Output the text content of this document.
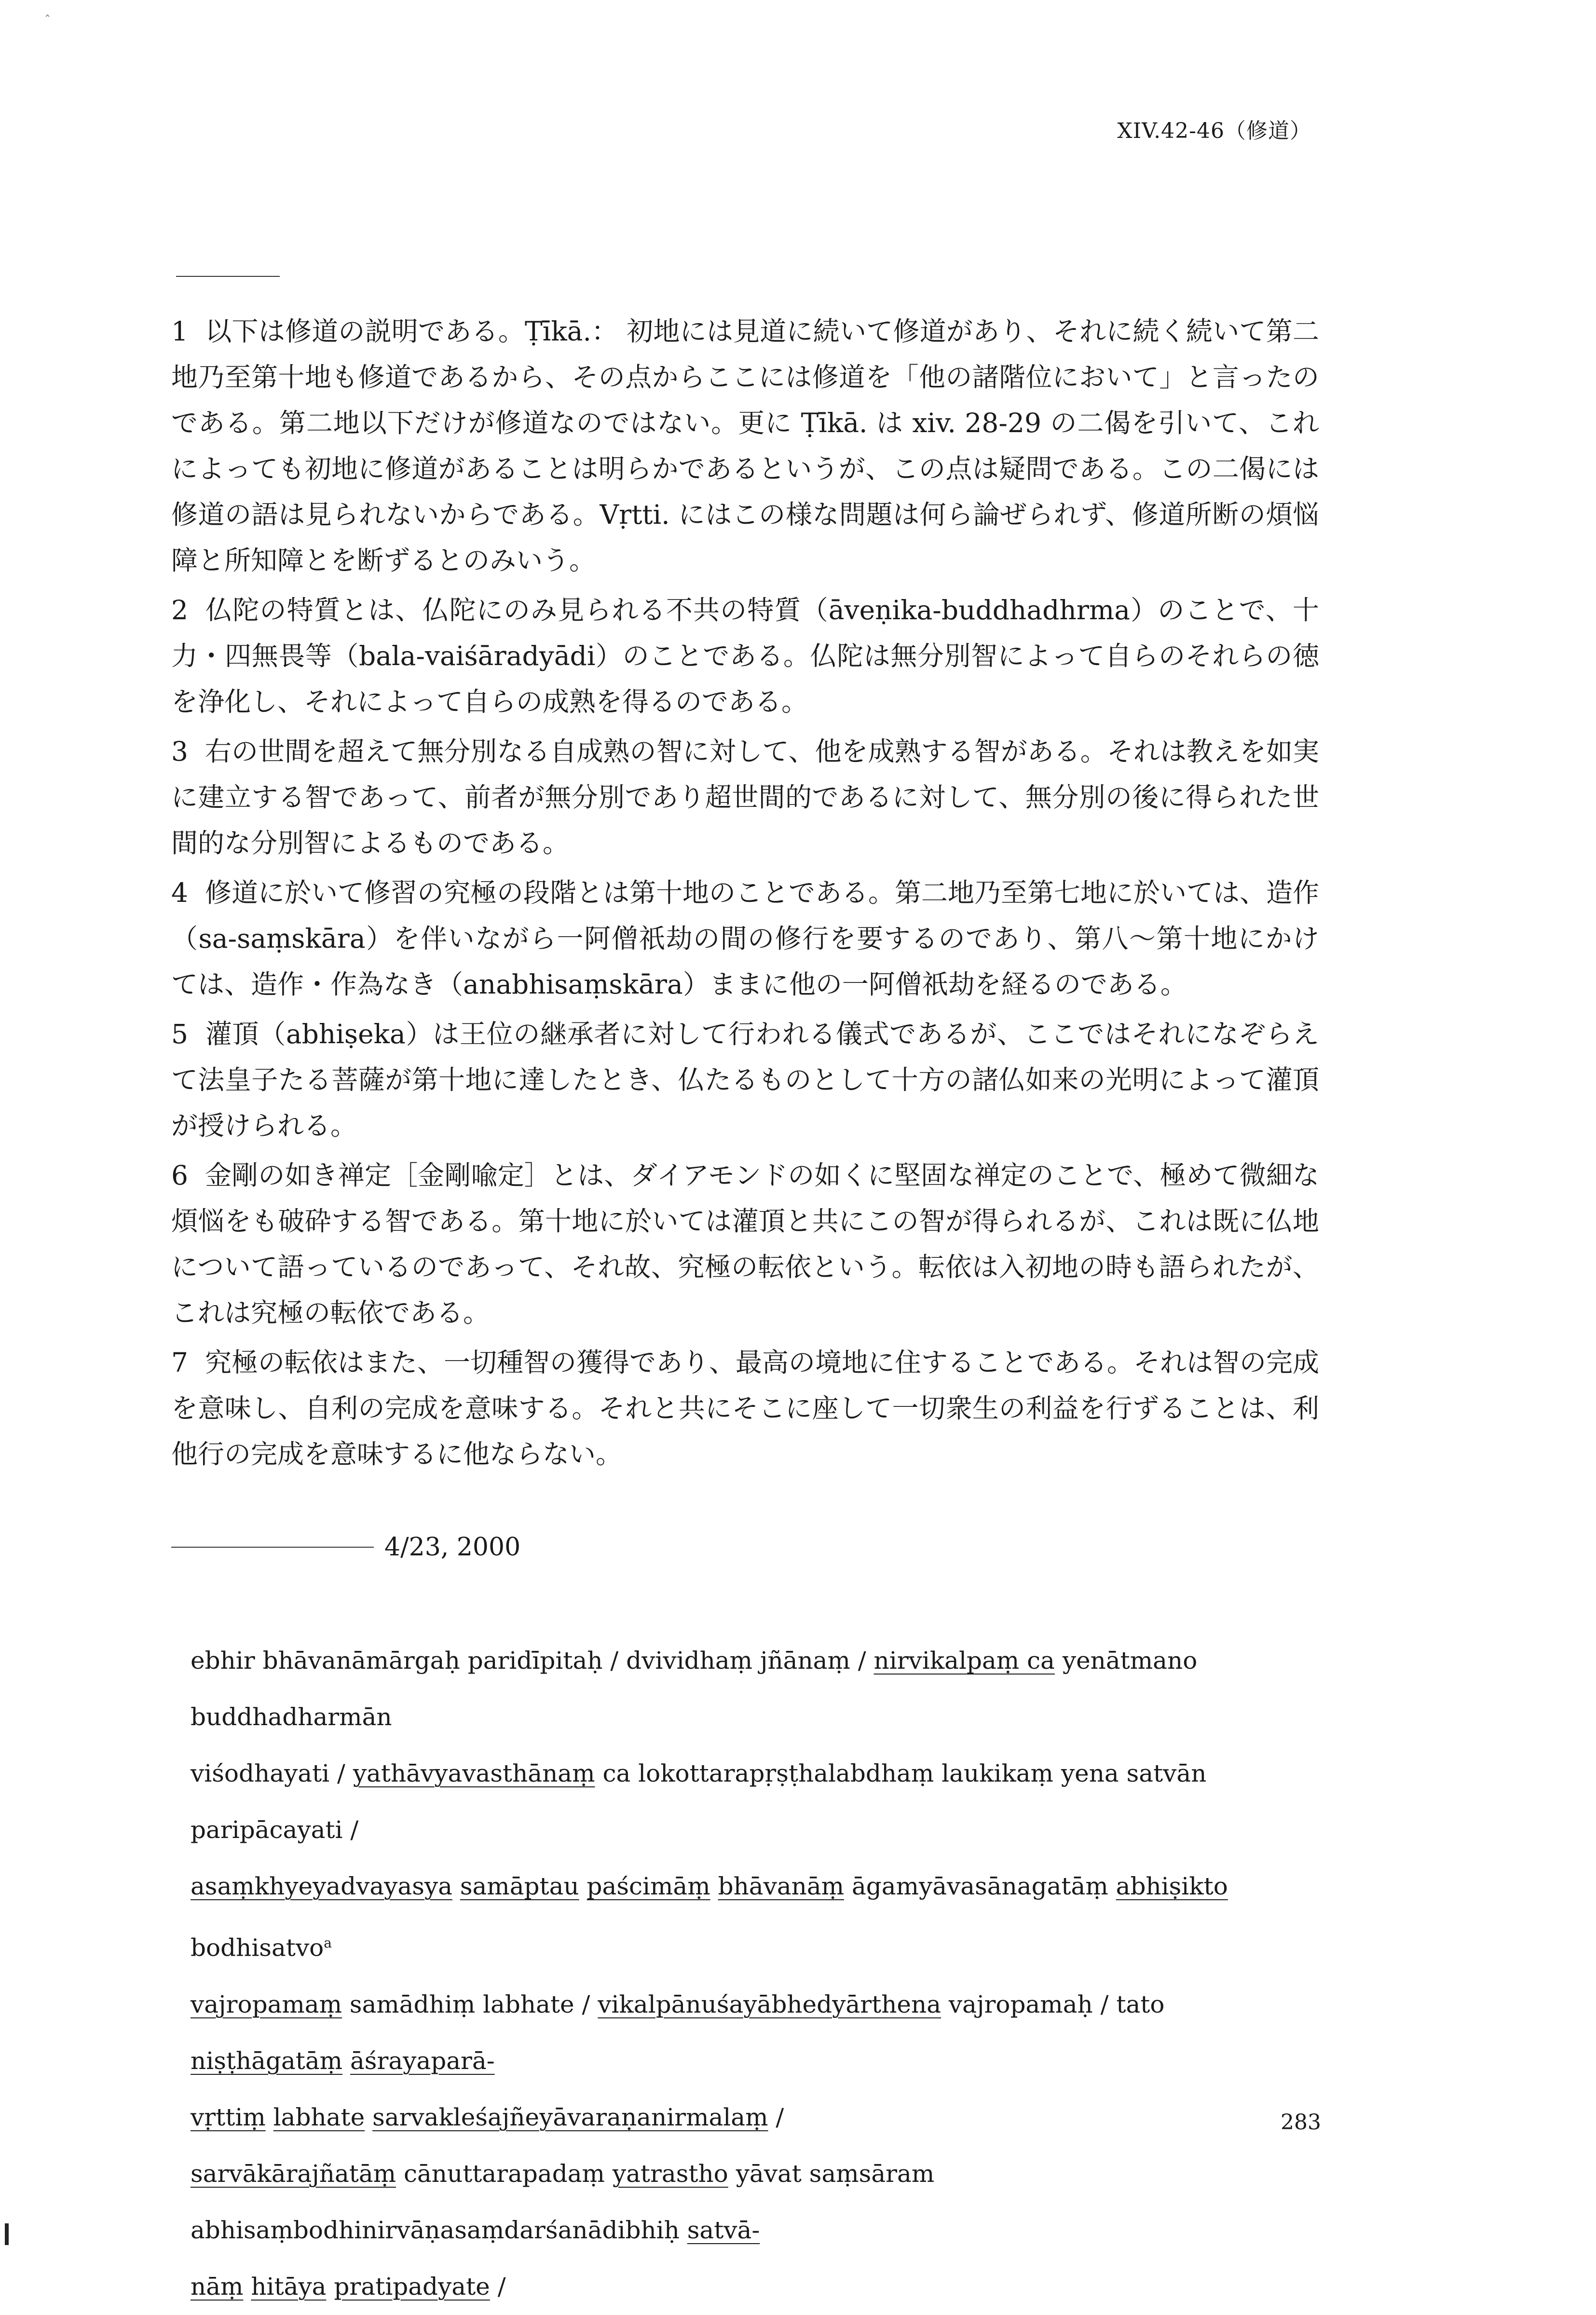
ˆ
XIV.42-46（修道）

1 以下は修道の説明である。Ṭīkā.： 初地には見道に続いて修道があり、それに続く続いて第二地乃至第十地も修道であるから、その点からここには修道を「他の諸階位において」と言ったのである。第二地以下だけが修道なのではない。更に Ṭīkā. は xiv. 28-29 の二偈を引いて、これによっても初地に修道があることは明らかであるというが、この点は疑問である。この二偈には修道の語は見られないからである。Vṛtti. にはこの様な問題は何ら論ぜられず、修道所断の煩悩障と所知障とを断ずるとのみいう。

2 仏陀の特質とは、仏陀にのみ見られる不共の特質（āveṇika-buddhadhrma）のことで、十力・四無畏等（bala-vaiśāradyādi）のことである。仏陀は無分別智によって自らのそれらの徳を浄化し、それによって自らの成熟を得るのである。

3 右の世間を超えて無分別なる自成熟の智に対して、他を成熟する智がある。それは教えを如実に建立する智であって、前者が無分別であり超世間的であるに対して、無分別の後に得られた世間的な分別智によるものである。

4 修道に於いて修習の究極の段階とは第十地のことである。第二地乃至第七地に於いては、造作（sa-saṃskāra）を伴いながら一阿僧祇劫の間の修行を要するのであり、第八～第十地にかけては、造作・作為なき（anabhisaṃskāra）ままに他の一阿僧祇劫を経るのである。

5 灌頂（abhiṣeka）は王位の継承者に対して行われる儀式であるが、ここではそれになぞらえて法皇子たる菩薩が第十地に達したとき、仏たるものとして十方の諸仏如来の光明によって灌頂が授けられる。

6 金剛の如き禅定［金剛喩定］とは、ダイアモンドの如くに堅固な禅定のことで、極めて微細な煩悩をも破砕する智である。第十地に於いては灌頂と共にこの智が得られるが、これは既に仏地について語っているのであって、それ故、究極の転依という。転依は入初地の時も語られたが、これは究極の転依である。

7 究極の転依はまた、一切種智の獲得であり、最高の境地に住することである。それは智の完成を意味し、自利の完成を意味する。それと共にそこに座して一切衆生の利益を行ずることは、利他行の完成を意味するに他ならない。

4/23, 2000

ebhir bhāvanāmārgaḥ paridīpitaḥ / dvividhaṃ jñānaṃ / nirvikalpaṃ ca yenātmano buddhadharmān

viśodhayati / yathāvyavasthānaṃ ca lokottarapṛṣṭhalabdhaṃ laukikaṃ yena satvān paripācayati /

asaṃkhyeyadvayasya samāptau paścimāṃ bhāvanāṃ āgamyāvasānagatāṃ abhiṣikto bodhisatvo$^a$

vajropamaṃ samādhiṃ labhate / vikalpānuśayābhedyārthena vajropamaḥ / tato niṣṭhāgatāṃ āśrayaparā-

vṛttiṃ labhate sarvakleśajñeyāvaraṇanirmalaṃ /

sarvākārajñatāṃ cānuttarapadaṃ yatrastho yāvat saṃsāram abhisaṃbodhinirvāṇasaṃdarśanādibhiḥ satvā-

nāṃ hitāya pratipadyate /

283
